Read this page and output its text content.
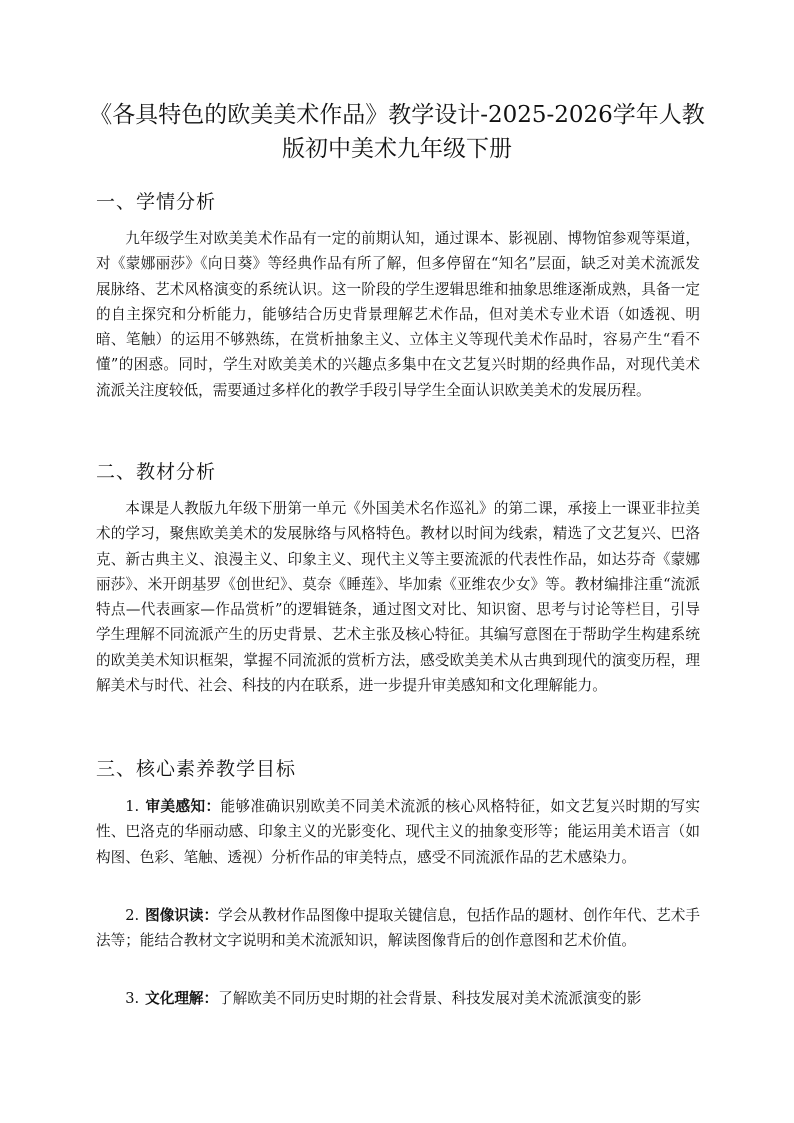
《各具特色的欧美美术作品》教学设计-2025-2026学年人教版初中美术九年级下册
一、学情分析

九年级学生对欧美美术作品有一定的前期认知，通过课本、影视剧、博物馆参观等渠道，对《蒙娜丽莎》《向日葵》等经典作品有所了解，但多停留在“知名”层面，缺乏对美术流派发展脉络、艺术风格演变的系统认识。这一阶段的学生逻辑思维和抽象思维逐渐成熟，具备一定的自主探究和分析能力，能够结合历史背景理解艺术作品，但对美术专业术语（如透视、明暗、笔触）的运用不够熟练，在赏析抽象主义、立体主义等现代美术作品时，容易产生“看不懂”的困惑。同时，学生对欧美美术的兴趣点多集中在文艺复兴时期的经典作品，对现代美术流派关注度较低，需要通过多样化的教学手段引导学生全面认识欧美美术的发展历程。

二、教材分析

本课是人教版九年级下册第一单元《外国美术名作巡礼》的第二课，承接上一课亚非拉美术的学习，聚焦欧美美术的发展脉络与风格特色。教材以时间为线索，精选了文艺复兴、巴洛克、新古典主义、浪漫主义、印象主义、现代主义等主要流派的代表性作品，如达芬奇《蒙娜丽莎》、米开朗基罗《创世纪》、莫奈《睡莲》、毕加索《亚维农少女》等。教材编排注重“流派特点—代表画家—作品赏析”的逻辑链条，通过图文对比、知识窗、思考与讨论等栏目，引导学生理解不同流派产生的历史背景、艺术主张及核心特征。其编写意图在于帮助学生构建系统的欧美美术知识框架，掌握不同流派的赏析方法，感受欧美美术从古典到现代的演变历程，理解美术与时代、社会、科技的内在联系，进一步提升审美感知和文化理解能力。

三、核心素养教学目标

1. 审美感知：能够准确识别欧美不同美术流派的核心风格特征，如文艺复兴时期的写实性、巴洛克的华丽动感、印象主义的光影变化、现代主义的抽象变形等；能运用美术语言（如构图、色彩、笔触、透视）分析作品的审美特点，感受不同流派作品的艺术感染力。

2. 图像识读：学会从教材作品图像中提取关键信息，包括作品的题材、创作年代、艺术手法等；能结合教材文字说明和美术流派知识，解读图像背后的创作意图和艺术价值。

3. 文化理解：了解欧美不同历史时期的社会背景、科技发展对美术流派演变的影
